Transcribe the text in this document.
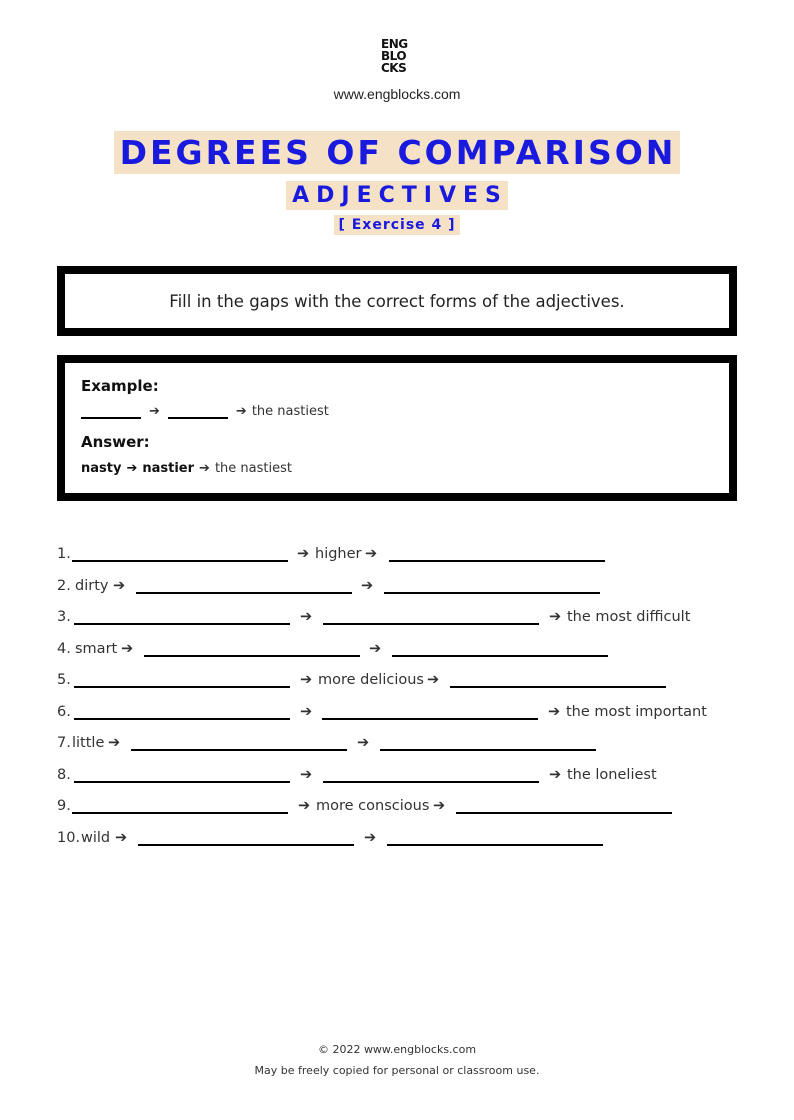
ENG
BLO
CKS
www.engblocks.com
DEGREES OF COMPARISON
ADJECTIVES
[ Exercise 4 ]
Fill in the gaps with the correct forms of the adjectives.
Example:
➔	➔ the nastiest
Answer:
nasty ➔ nastier ➔ the nastiest
1.	➔ higher ➔
2. dirty ➔	➔
3.	➔	➔ the most difficult
4. smart ➔	➔
5.	➔ more delicious ➔
6.	➔	➔ the most important
7. little ➔	➔
8.	➔	➔ the loneliest
9.	➔ more conscious ➔
10. wild ➔	➔
© 2022 www.engblocks.com
May be freely copied for personal or classroom use.
